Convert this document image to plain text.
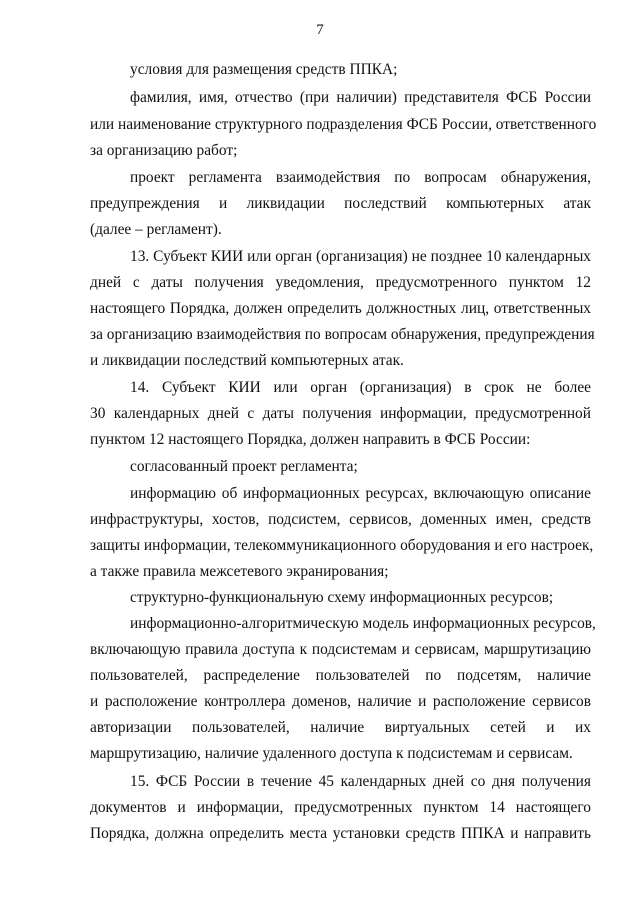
7
условия для размещения средств ППКА;
фамилия, имя, отчество (при наличии) представителя ФСБ России
или наименование структурного подразделения ФСБ России, ответственного
за организацию работ;
проект регламента взаимодействия по вопросам обнаружения,
предупреждения и ликвидации последствий компьютерных атак
(далее – регламент).
13. Субъект КИИ или орган (организация) не позднее 10 календарных
дней с даты получения уведомления, предусмотренного пунктом 12
настоящего Порядка, должен определить должностных лиц, ответственных
за организацию взаимодействия по вопросам обнаружения, предупреждения
и ликвидации последствий компьютерных атак.
14. Субъект КИИ или орган (организация) в срок не более
30 календарных дней с даты получения информации, предусмотренной
пунктом 12 настоящего Порядка, должен направить в ФСБ России:
согласованный проект регламента;
информацию об информационных ресурсах, включающую описание
инфраструктуры, хостов, подсистем, сервисов, доменных имен, средств
защиты информации, телекоммуникационного оборудования и его настроек,
а также правила межсетевого экранирования;
структурно-функциональную схему информационных ресурсов;
информационно-алгоритмическую модель информационных ресурсов,
включающую правила доступа к подсистемам и сервисам, маршрутизацию
пользователей, распределение пользователей по подсетям, наличие
и расположение контроллера доменов, наличие и расположение сервисов
авторизации пользователей, наличие виртуальных сетей и их
маршрутизацию, наличие удаленного доступа к подсистемам и сервисам.
15. ФСБ России в течение 45 календарных дней со дня получения
документов и информации, предусмотренных пунктом 14 настоящего
Порядка, должна определить места установки средств ППКА и направить
